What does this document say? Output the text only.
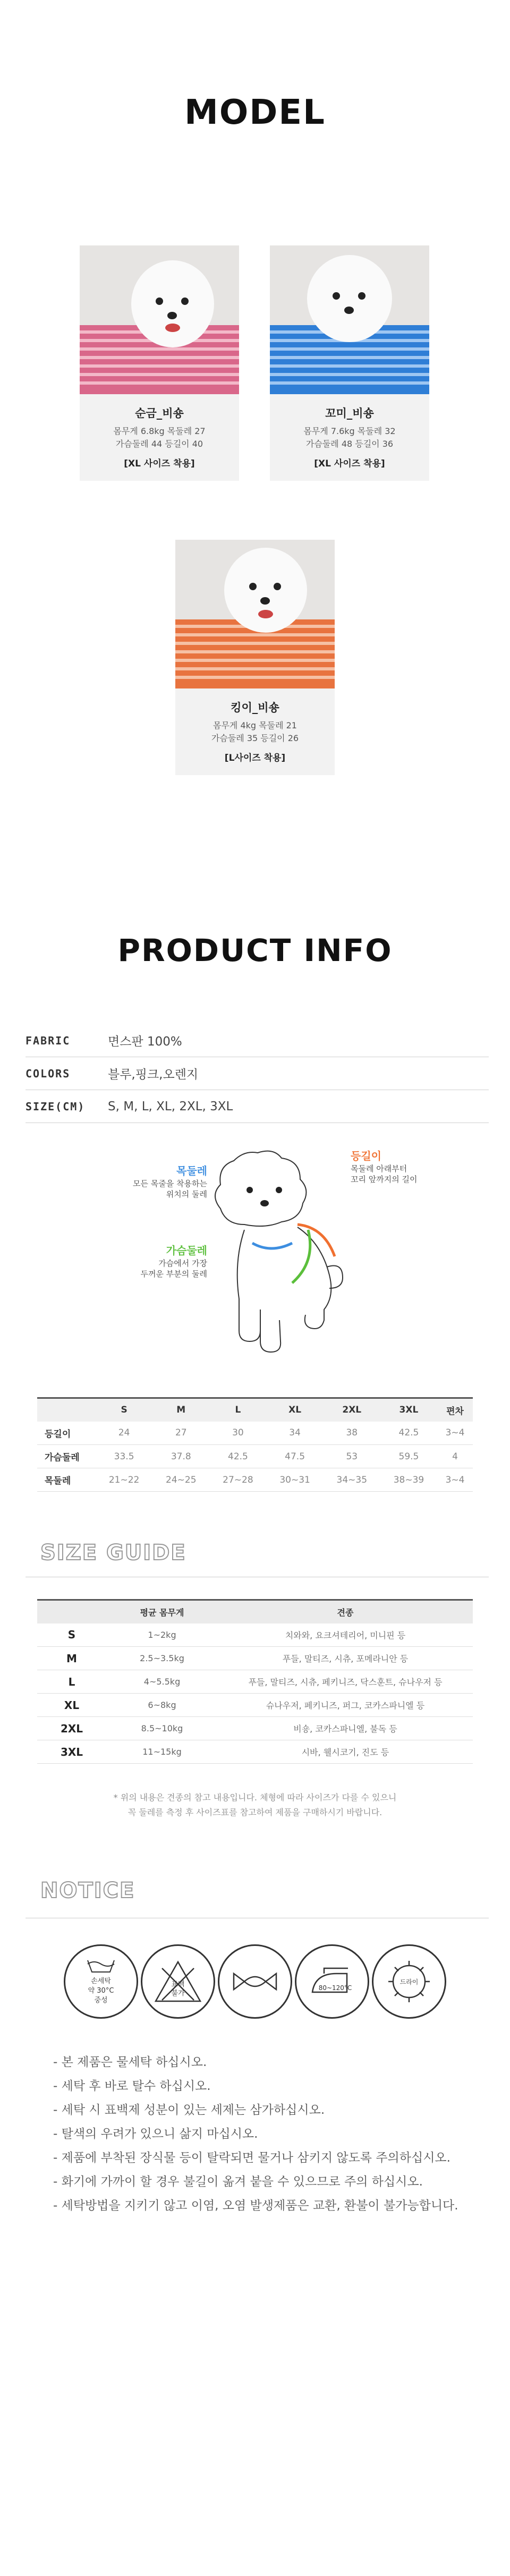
MODEL
순금_비숑
몸무게 6.8kg 목둘레 27
가슴둘레 44 등길이 40
[XL 사이즈 착용]
꼬미_비숑
몸무게 7.6kg 목둘레 32
가슴둘레 48 등길이 36
[XL 사이즈 착용]
킹이_비숑
몸무게 4kg 목둘레 21
가슴둘레 35 등길이 26
[L사이즈 착용]
PRODUCT INFO
FABRIC	면스판 100%
COLORS	블루,핑크,오렌지
SIZE(CM)	S, M, L, XL, 2XL, 3XL
목둘레
모든 목줄을 착용하는
위치의 둘레
등길이
목둘레 아래부터
꼬리 앞까지의 길이
가슴둘레
가슴에서 가장
두꺼운 부분의 둘레
	S	M	L	XL	2XL	3XL	편차
등길이	24	27	30	34	38	42.5	3~4
가슴둘레	33.5	37.8	42.5	47.5	53	59.5	4
목둘레	21~22	24~25	27~28	30~31	34~35	38~39	3~4
SIZE GUIDE
	평균 몸무게	견종
S	1~2kg	치와와, 요크셔테리어, 미니핀 등
M	2.5~3.5kg	푸들, 말티즈, 시츄, 포메라니안 등
L	4~5.5kg	푸들, 말티즈, 시츄, 페키니즈, 닥스훈트, 슈나우저 등
XL	6~8kg	슈나우저, 페키니즈, 퍼그, 코카스파니엘 등
2XL	8.5~10kg	비숑, 코카스파니엘, 불독 등
3XL	11~15kg	시바, 웰시코기, 진도 등
* 위의 내용은 견종의 참고 내용입니다. 체형에 따라 사이즈가 다를 수 있으니
꼭 둘레를 측정 후 사이즈표를 참고하여 제품을 구매하시기 바랍니다.
NOTICE
손세탁
약 30°C
중성
표백
불가
80~120°C
드라이
- 본 제품은 물세탁 하십시오.
- 세탁 후 바로 탈수 하십시오.
- 세탁 시 표백제 성분이 있는 세제는 삼가하십시오.
- 탈색의 우려가 있으니 삶지 마십시오.
- 제품에 부착된 장식물 등이 탈락되면 물거나 삼키지 않도록 주의하십시오.
- 화기에 가까이 할 경우 불길이 옮겨 붙을 수 있으므로 주의 하십시오.
- 세탁방법을 지키기 않고 이염, 오염 발생제품은 교환, 환불이 불가능합니다.
